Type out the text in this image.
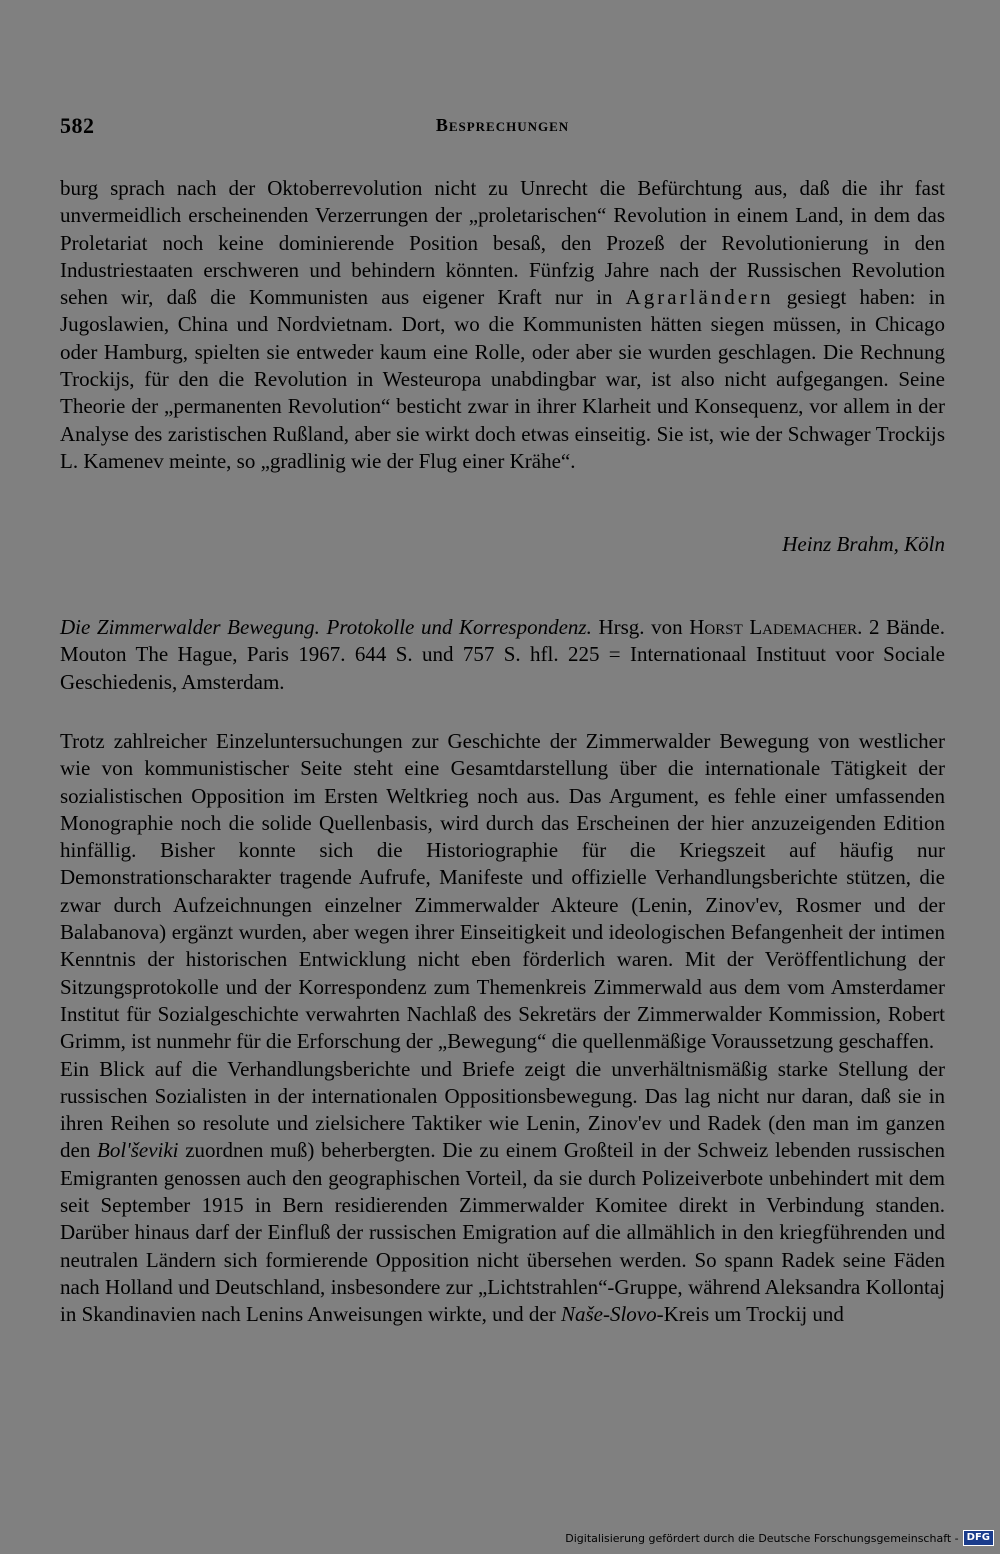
582	Besprechungen

burg sprach nach der Oktoberrevolution nicht zu Unrecht die Befürchtung aus, daß die ihr fast unvermeidlich erscheinenden Verzerrungen der „proletarischen“ Revolution in einem Land, in dem das Proletariat noch keine dominierende Position besaß, den Prozeß der Revolutionierung in den Industriestaaten erschweren und behindern könnten. Fünfzig Jahre nach der Russischen Revolution sehen wir, daß die Kommunisten aus eigener Kraft nur in Agrarländern gesiegt haben: in Jugoslawien, China und Nordvietnam. Dort, wo die Kommunisten hätten siegen müssen, in Chicago oder Hamburg, spielten sie entweder kaum eine Rolle, oder aber sie wurden geschlagen. Die Rechnung Trockijs, für den die Revolution in Westeuropa unabdingbar war, ist also nicht aufgegangen. Seine Theorie der „permanenten Revolution“ besticht zwar in ihrer Klarheit und Konsequenz, vor allem in der Analyse des zaristischen Rußland, aber sie wirkt doch etwas einseitig. Sie ist, wie der Schwager Trockijs L. Kamenev meinte, so „gradlinig wie der Flug einer Krähe“.

Heinz Brahm, Köln
Die Zimmerwalder Bewegung. Protokolle und Korrespondenz. Hrsg. von Horst Lademacher. 2 Bände. Mouton The Hague, Paris 1967. 644 S. und 757 S. hfl. 225 = Internationaal Instituut voor Sociale Geschiedenis, Amsterdam.

Trotz zahlreicher Einzeluntersuchungen zur Geschichte der Zimmerwalder Bewegung von westlicher wie von kommunistischer Seite steht eine Gesamtdarstellung über die internationale Tätigkeit der sozialistischen Opposition im Ersten Weltkrieg noch aus. Das Argument, es fehle einer umfassenden Monographie noch die solide Quellenbasis, wird durch das Erscheinen der hier anzuzeigenden Edition hinfällig. Bisher konnte sich die Historiographie für die Kriegszeit auf häufig nur Demonstrationscharakter tragende Aufrufe, Manifeste und offizielle Verhandlungsberichte stützen, die zwar durch Aufzeichnungen einzelner Zimmerwalder Akteure (Lenin, Zinov'ev, Rosmer und der Balabanova) ergänzt wurden, aber wegen ihrer Einseitigkeit und ideologischen Befangenheit der intimen Kenntnis der historischen Entwicklung nicht eben förderlich waren. Mit der Veröffentlichung der Sitzungsprotokolle und der Korrespondenz zum Themenkreis Zimmerwald aus dem vom Amsterdamer Institut für Sozialgeschichte verwahrten Nachlaß des Sekretärs der Zimmerwalder Kommission, Robert Grimm, ist nunmehr für die Erforschung der „Bewegung“ die quellenmäßige Voraussetzung geschaffen.

Ein Blick auf die Verhandlungsberichte und Briefe zeigt die unverhältnismäßig starke Stellung der russischen Sozialisten in der internationalen Oppositionsbewegung. Das lag nicht nur daran, daß sie in ihren Reihen so resolute und zielsichere Taktiker wie Lenin, Zinov'ev und Radek (den man im ganzen den Bol'ševiki zuordnen muß) beherbergten. Die zu einem Großteil in der Schweiz lebenden russischen Emigranten genossen auch den geographischen Vorteil, da sie durch Polizeiverbote unbehindert mit dem seit September 1915 in Bern residierenden Zimmerwalder Komitee direkt in Verbindung standen. Darüber hinaus darf der Einfluß der russischen Emigration auf die allmählich in den kriegführenden und neutralen Ländern sich formierende Opposition nicht übersehen werden. So spann Radek seine Fäden nach Holland und Deutschland, insbesondere zur „Lichtstrahlen“-Gruppe, während Aleksandra Kollontaj in Skandinavien nach Lenins Anweisungen wirkte, und der Naše-Slovo-Kreis um Trockij und

Digitalisierung gefördert durch die Deutsche Forschungsgemeinschaft - DFG
